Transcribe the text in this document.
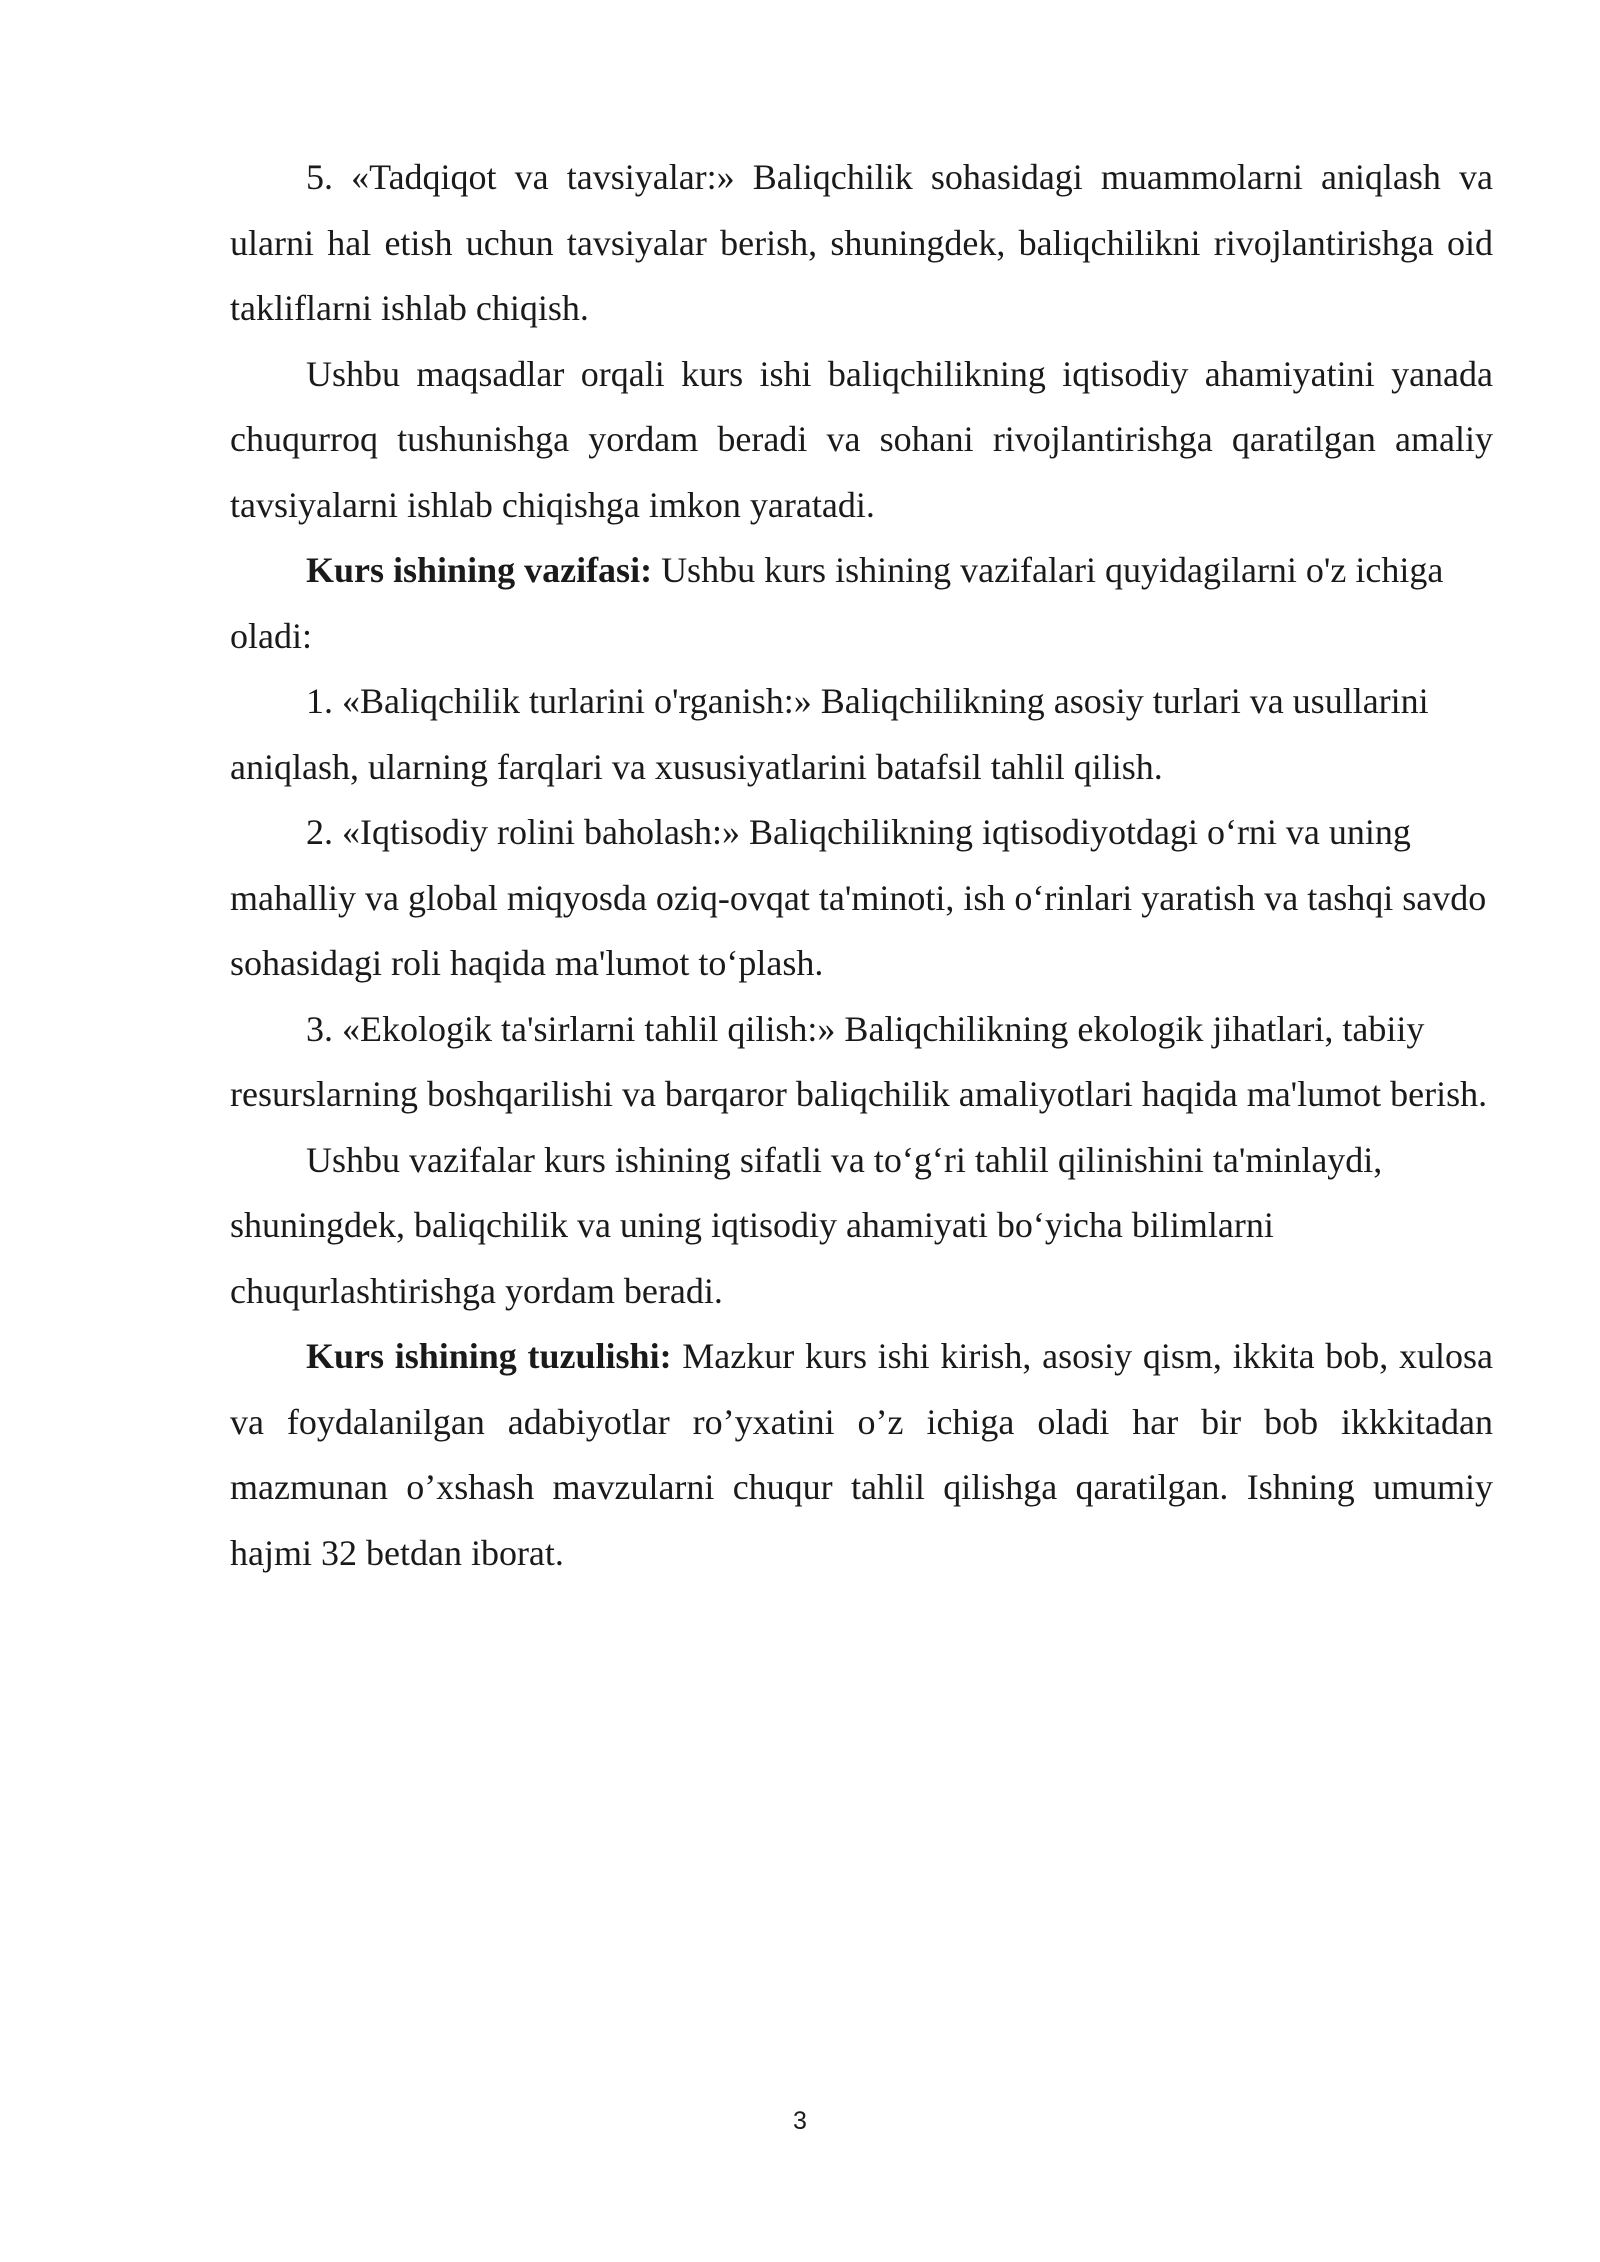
5. «Tadqiqot va tavsiyalar:» Baliqchilik sohasidagi muammolarni aniqlash va ularni hal etish uchun tavsiyalar berish, shuningdek, baliqchilikni rivojlantirishga oid takliflarni ishlab chiqish.

Ushbu maqsadlar orqali kurs ishi baliqchilikning iqtisodiy ahamiyatini yanada chuqurroq tushunishga yordam beradi va sohani rivojlantirishga qaratilgan amaliy tavsiyalarni ishlab chiqishga imkon yaratadi.

Kurs ishining vazifasi: Ushbu kurs ishining vazifalari quyidagilarni o'z ichiga oladi:

1. «Baliqchilik turlarini o'rganish:» Baliqchilikning asosiy turlari va usullarini aniqlash, ularning farqlari va xususiyatlarini batafsil tahlil qilish.

2. «Iqtisodiy rolini baholash:» Baliqchilikning iqtisodiyotdagi o‘rni va uning mahalliy va global miqyosda oziq-ovqat ta'minoti, ish o‘rinlari yaratish va tashqi savdo sohasidagi roli haqida ma'lumot to‘plash.

3. «Ekologik ta'sirlarni tahlil qilish:» Baliqchilikning ekologik jihatlari, tabiiy resurslarning boshqarilishi va barqaror baliqchilik amaliyotlari haqida ma'lumot berish.

Ushbu vazifalar kurs ishining sifatli va to‘g‘ri tahlil qilinishini ta'minlaydi, shuningdek, baliqchilik va uning iqtisodiy ahamiyati bo‘yicha bilimlarni chuqurlashtirishga yordam beradi.

Kurs ishining tuzulishi: Mazkur kurs ishi kirish, asosiy qism, ikkita bob, xulosa va foydalanilgan adabiyotlar ro’yxatini o’z ichiga oladi har bir bob ikkkitadan mazmunan o’xshash mavzularni chuqur tahlil qilishga qaratilgan. Ishning umumiy hajmi 32 betdan iborat.

3
